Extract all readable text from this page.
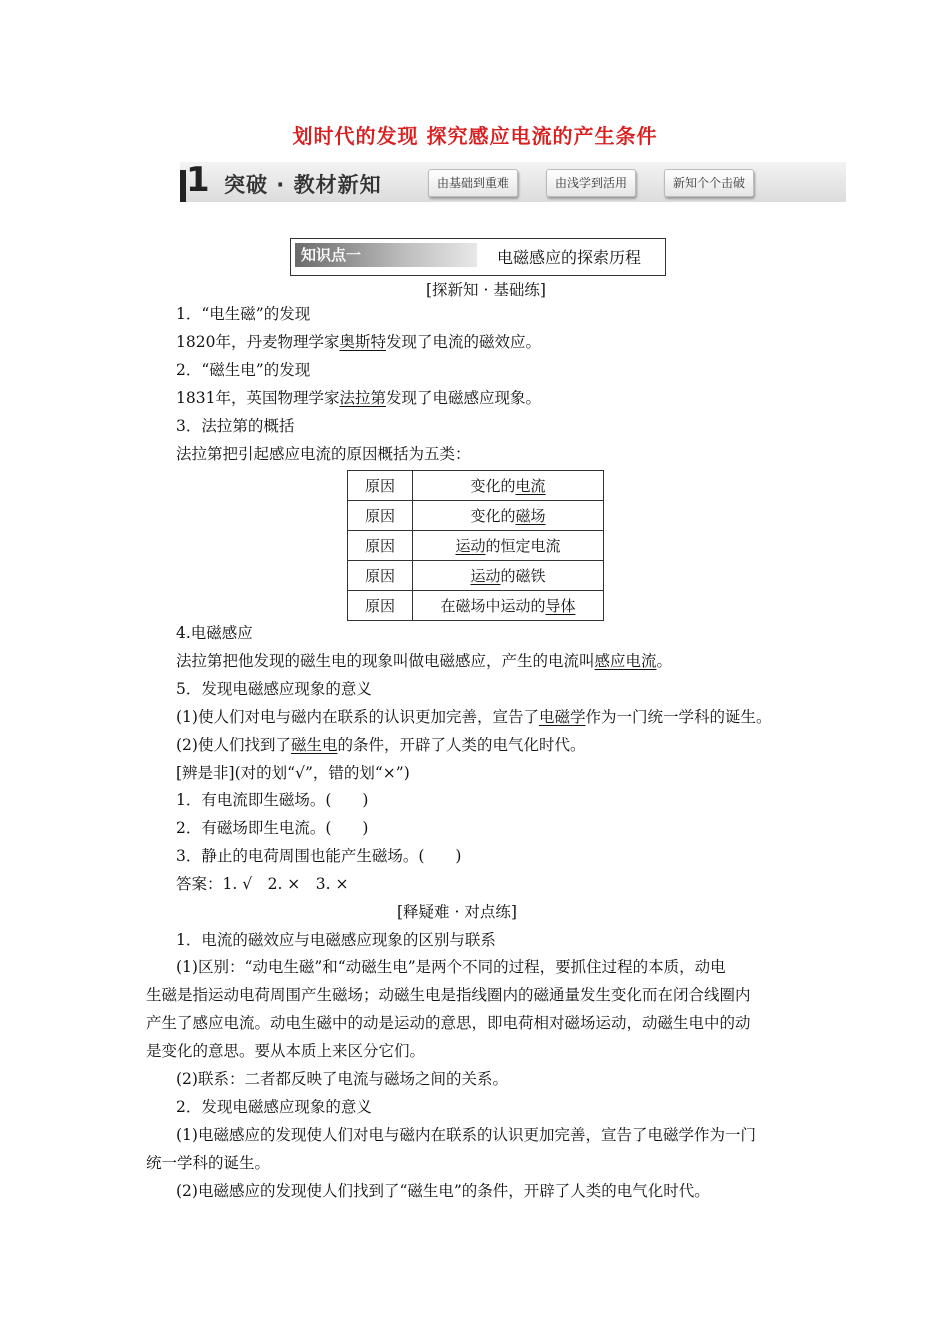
划时代的发现 探究感应电流的产生条件
1 突破 · 教材新知	由基础到重难	由浅学到活用	新知个个击破
知识点一	电磁感应的探索历程
[探新知 · 基础练]
1．“电生磁”的发现
1820年，丹麦物理学家奥斯特发现了电流的磁效应。
2．“磁生电”的发现
1831年，英国物理学家法拉第发现了电磁感应现象。
3．法拉第的概括
法拉第把引起感应电流的原因概括为五类：
原因	变化的电流
原因	变化的磁场
原因	运动的恒定电流
原因	运动的磁铁
原因	在磁场中运动的导体
4.电磁感应
法拉第把他发现的磁生电的现象叫做电磁感应，产生的电流叫感应电流。
5．发现电磁感应现象的意义
(1)使人们对电与磁内在联系的认识更加完善，宣告了电磁学作为一门统一学科的诞生。
(2)使人们找到了磁生电的条件，开辟了人类的电气化时代。
[辨是非](对的划“√”，错的划“×”)
1．有电流即生磁场。(　　)
2．有磁场即生电流。(　　)
3．静止的电荷周围也能产生磁场。(　　)
答案：1. √　2. ×　3. ×
[释疑难 · 对点练]
1．电流的磁效应与电磁感应现象的区别与联系
(1)区别：“动电生磁”和“动磁生电”是两个不同的过程，要抓住过程的本质，动电
生磁是指运动电荷周围产生磁场；动磁生电是指线圈内的磁通量发生变化而在闭合线圈内
产生了感应电流。动电生磁中的动是运动的意思，即电荷相对磁场运动，动磁生电中的动
是变化的意思。要从本质上来区分它们。
(2)联系：二者都反映了电流与磁场之间的关系。
2．发现电磁感应现象的意义
(1)电磁感应的发现使人们对电与磁内在联系的认识更加完善，宣告了电磁学作为一门
统一学科的诞生。
(2)电磁感应的发现使人们找到了“磁生电”的条件，开辟了人类的电气化时代。
